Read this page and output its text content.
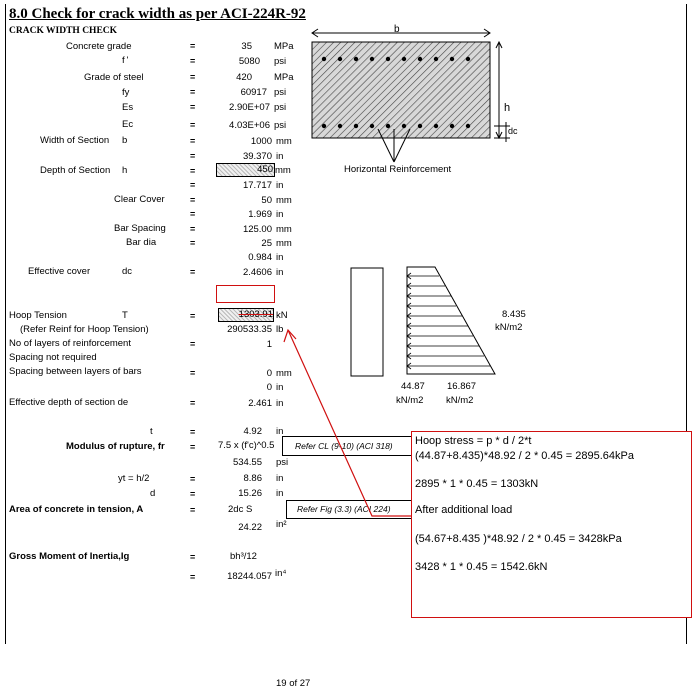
8.0 Check for crack width as per ACI-224R-92
CRACK WIDTH CHECK
Concrete grade	=	35 MPa
f '	=	5080 psi
Grade of steel	=	420 MPa
fy	=	60917 psi
Es	=	2.90E+07 psi
Ec	=	4.03E+06 psi
Width of Section b	=	1000 mm
=	39.370 in
Depth of Section h	=	450 mm
=	17.717 in
Clear Cover	=	50 mm
=	1.969 in
Bar Spacing	=	125.00 mm
Bar dia	=	25 mm
0.984 in
Effective cover	dc	=	2.4606 in
Hoop Tension	T	=	1303.91 kN
(Refer Reinf for Hoop Tension)	290533.35 lb
No of layers of reinforcement	=	1
Spacing not required
Spacing between layers of bars	=	0 mm
0 in
Effective depth of section de	=	2.461 in
t	=	4.92 in
Modulus of rupture, fr	= 7.5 x (f'c)^0.5	Refer CL (9-10) (ACI 318)
534.55 psi
yt = h/2	=	8.86 in
d	=	15.26 in
Area of concrete in tension, A	=	2dc S	Refer Fig (3.3) (ACI 224)
24.22 in²
Gross Moment of Inertia,Ig	=	bh³/12
=	18244.057 in⁴
b
h
dc
Horizontal Reinforcement
8.435
kN/m2
44.87
kN/m2
16.867
kN/m2
Hoop stress = p * d / 2*t
(44.87+8.435)*48.92 / 2 * 0.45 = 2895.64kPa
2895 * 1 * 0.45 = 1303kN
After additional load
(54.67+8.435 )*48.92 / 2 * 0.45 = 3428kPa
3428 * 1 * 0.45 = 1542.6kN
19 of 27
